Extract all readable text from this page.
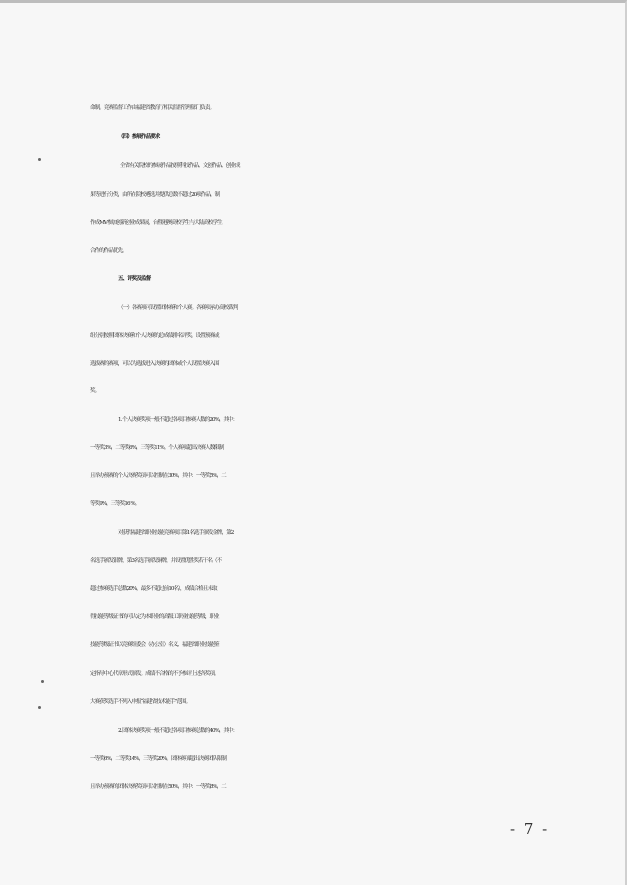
命制。竞赛监督工作由福建省教育厅相关监督管理部门负责。
（四）参展作品要求
全省有关院校的参展作品按照科技作品、文创作品、创业成
果等进行分类，由所在院校遴选并提供总数不超过20项作品，制
作成MV参加创新创业成果展，台暨港澳高校学生与大陆高校学生
合作的作品优先。
五、评奖及监督
（一）各赛项可设置团体赛和个人赛。各赛项承办高校裁判
组分别按照团体决赛和个人决赛的总成绩排名评奖。设置预赛或
选拔赛的赛项，可以为选拔进入决赛的团体或个人设置决赛入围
奖。
1. 个人决赛奖项一般不超过各项目参赛人数的20%，其中：
一等奖3%，二等奖6%，三等奖11%。个人赛项超出决赛人数限制
且举办预赛的个人决赛奖项可以控制在30%，其中：一等奖5%，二
等奖9%，三等奖16 %。
对获得福建省职业技能竞赛项目第1名选手颁发金牌，第2
名选手颁发银牌，第3名选手颁发铜牌，并设置优胜奖若干名（不
超过参赛选手总数20%，最多不超过前10名），成绩合格且未取
得技能等级证书的可认定为本职业的高级工职业技能等级，职业
技能等级证书以竞赛组委会（办公室）名义、福建省职业技能鉴
定指导中心代章形式颁发。成绩不合格的不予参评上述各奖项。
大赛获奖选手不列入申报“福建省技术能手”范围。
2. 团体决赛奖项一般不超过各项目参赛总数的40%，其中：
一等奖6%，二等奖14%，三等奖20%。团体赛项超出决赛团队限制
且举办预赛的团体决赛奖项可以控制在50%，其中：一等奖8%，二
- 7 -
